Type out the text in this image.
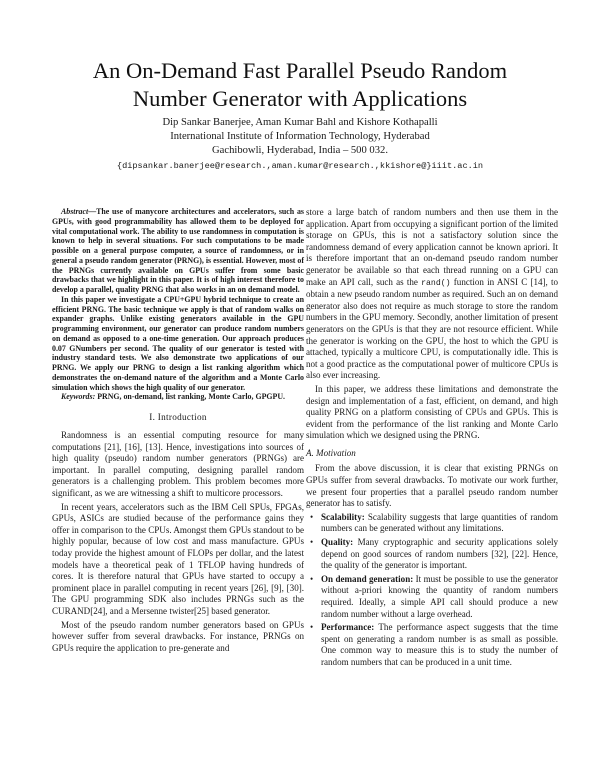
An On-Demand Fast Parallel Pseudo Random
Number Generator with Applications
Dip Sankar Banerjee, Aman Kumar Bahl and Kishore Kothapalli
International Institute of Information Technology, Hyderabad
Gachibowli, Hyderabad, India – 500 032.
{dipsankar.banerjee@research.,aman.kumar@research.,kkishore@}iiit.ac.in

Abstract—The use of manycore architectures and accelerators, such as GPUs, with good programmability has allowed them to be deployed for vital computational work. The ability to use randomness in computation is known to help in several situations. For such computations to be made possible on a general purpose computer, a source of randomness, or in general a pseudo random generator (PRNG), is essential. However, most of the PRNGs currently available on GPUs suffer from some basic drawbacks that we highlight in this paper. It is of high interest therefore to develop a parallel, quality PRNG that also works in an on demand model.

In this paper we investigate a CPU+GPU hybrid technique to create an efficient PRNG. The basic technique we apply is that of random walks on expander graphs. Unlike existing generators available in the GPU programming environment, our generator can produce random numbers on demand as opposed to a one-time generation. Our approach produces 0.07 GNumbers per second. The quality of our generator is tested with industry standard tests. We also demonstrate two applications of our PRNG. We apply our PRNG to design a list ranking algorithm which demonstrates the on-demand nature of the algorithm and a Monte Carlo simulation which shows the high quality of our generator.

Keywords: PRNG, on-demand, list ranking, Monte Carlo, GPGPU.

I. Introduction

Randomness is an essential computing resource for many computations [21], [16], [13]. Hence, investigations into sources of high quality (pseudo) random number generators (PRNGs) are important. In parallel computing, designing parallel random generators is a challenging problem. This problem becomes more significant, as we are witnessing a shift to multicore processors.

In recent years, accelerators such as the IBM Cell SPUs, FPGAs, GPUs, ASICs are studied because of the performance gains they offer in comparison to the CPUs. Amongst them GPUs standout to be highly popular, because of low cost and mass manufacture. GPUs today provide the highest amount of FLOPs per dollar, and the latest models have a theoretical peak of 1 TFLOP having hundreds of cores. It is therefore natural that GPUs have started to occupy a prominent place in parallel computing in recent years [26], [9], [30]. The GPU programming SDK also includes PRNGs such as the CURAND[24], and a Mersenne twister[25] based generator.

Most of the pseudo random number generators based on GPUs however suffer from several drawbacks. For instance, PRNGs on GPUs require the application to pre-generate and

store a large batch of random numbers and then use them in the application. Apart from occupying a significant portion of the limited storage on GPUs, this is not a satisfactory solution since the randomness demand of every application cannot be known apriori. It is therefore important that an on-demand pseudo random number generator be available so that each thread running on a GPU can make an API call, such as the rand() function in ANSI C [14], to obtain a new pseudo random number as required. Such an on demand generator also does not require as much storage to store the random numbers in the GPU memory. Secondly, another limitation of present generators on the GPUs is that they are not resource efficient. While the generator is working on the GPU, the host to which the GPU is attached, typically a multicore CPU, is computationally idle. This is not a good practice as the computational power of multicore CPUs is also ever increasing.

In this paper, we address these limitations and demonstrate the design and implementation of a fast, efficient, on demand, and high quality PRNG on a platform consisting of CPUs and GPUs. This is evident from the performance of the list ranking and Monte Carlo simulation which we designed using the PRNG.

A. Motivation

From the above discussion, it is clear that existing PRNGs on GPUs suffer from several drawbacks. To motivate our work further, we present four properties that a parallel pseudo random number generator has to satisfy.

• Scalability: Scalability suggests that large quantities of random numbers can be generated without any limitations.
• Quality: Many cryptographic and security applications solely depend on good sources of random numbers [32], [22]. Hence, the quality of the generator is important.
• On demand generation: It must be possible to use the generator without a-priori knowing the quantity of random numbers required. Ideally, a simple API call should produce a new random number without a large overhead.
• Performance: The performance aspect suggests that the time spent on generating a random number is as small as possible. One common way to measure this is to study the number of random numbers that can be produced in a unit time.
